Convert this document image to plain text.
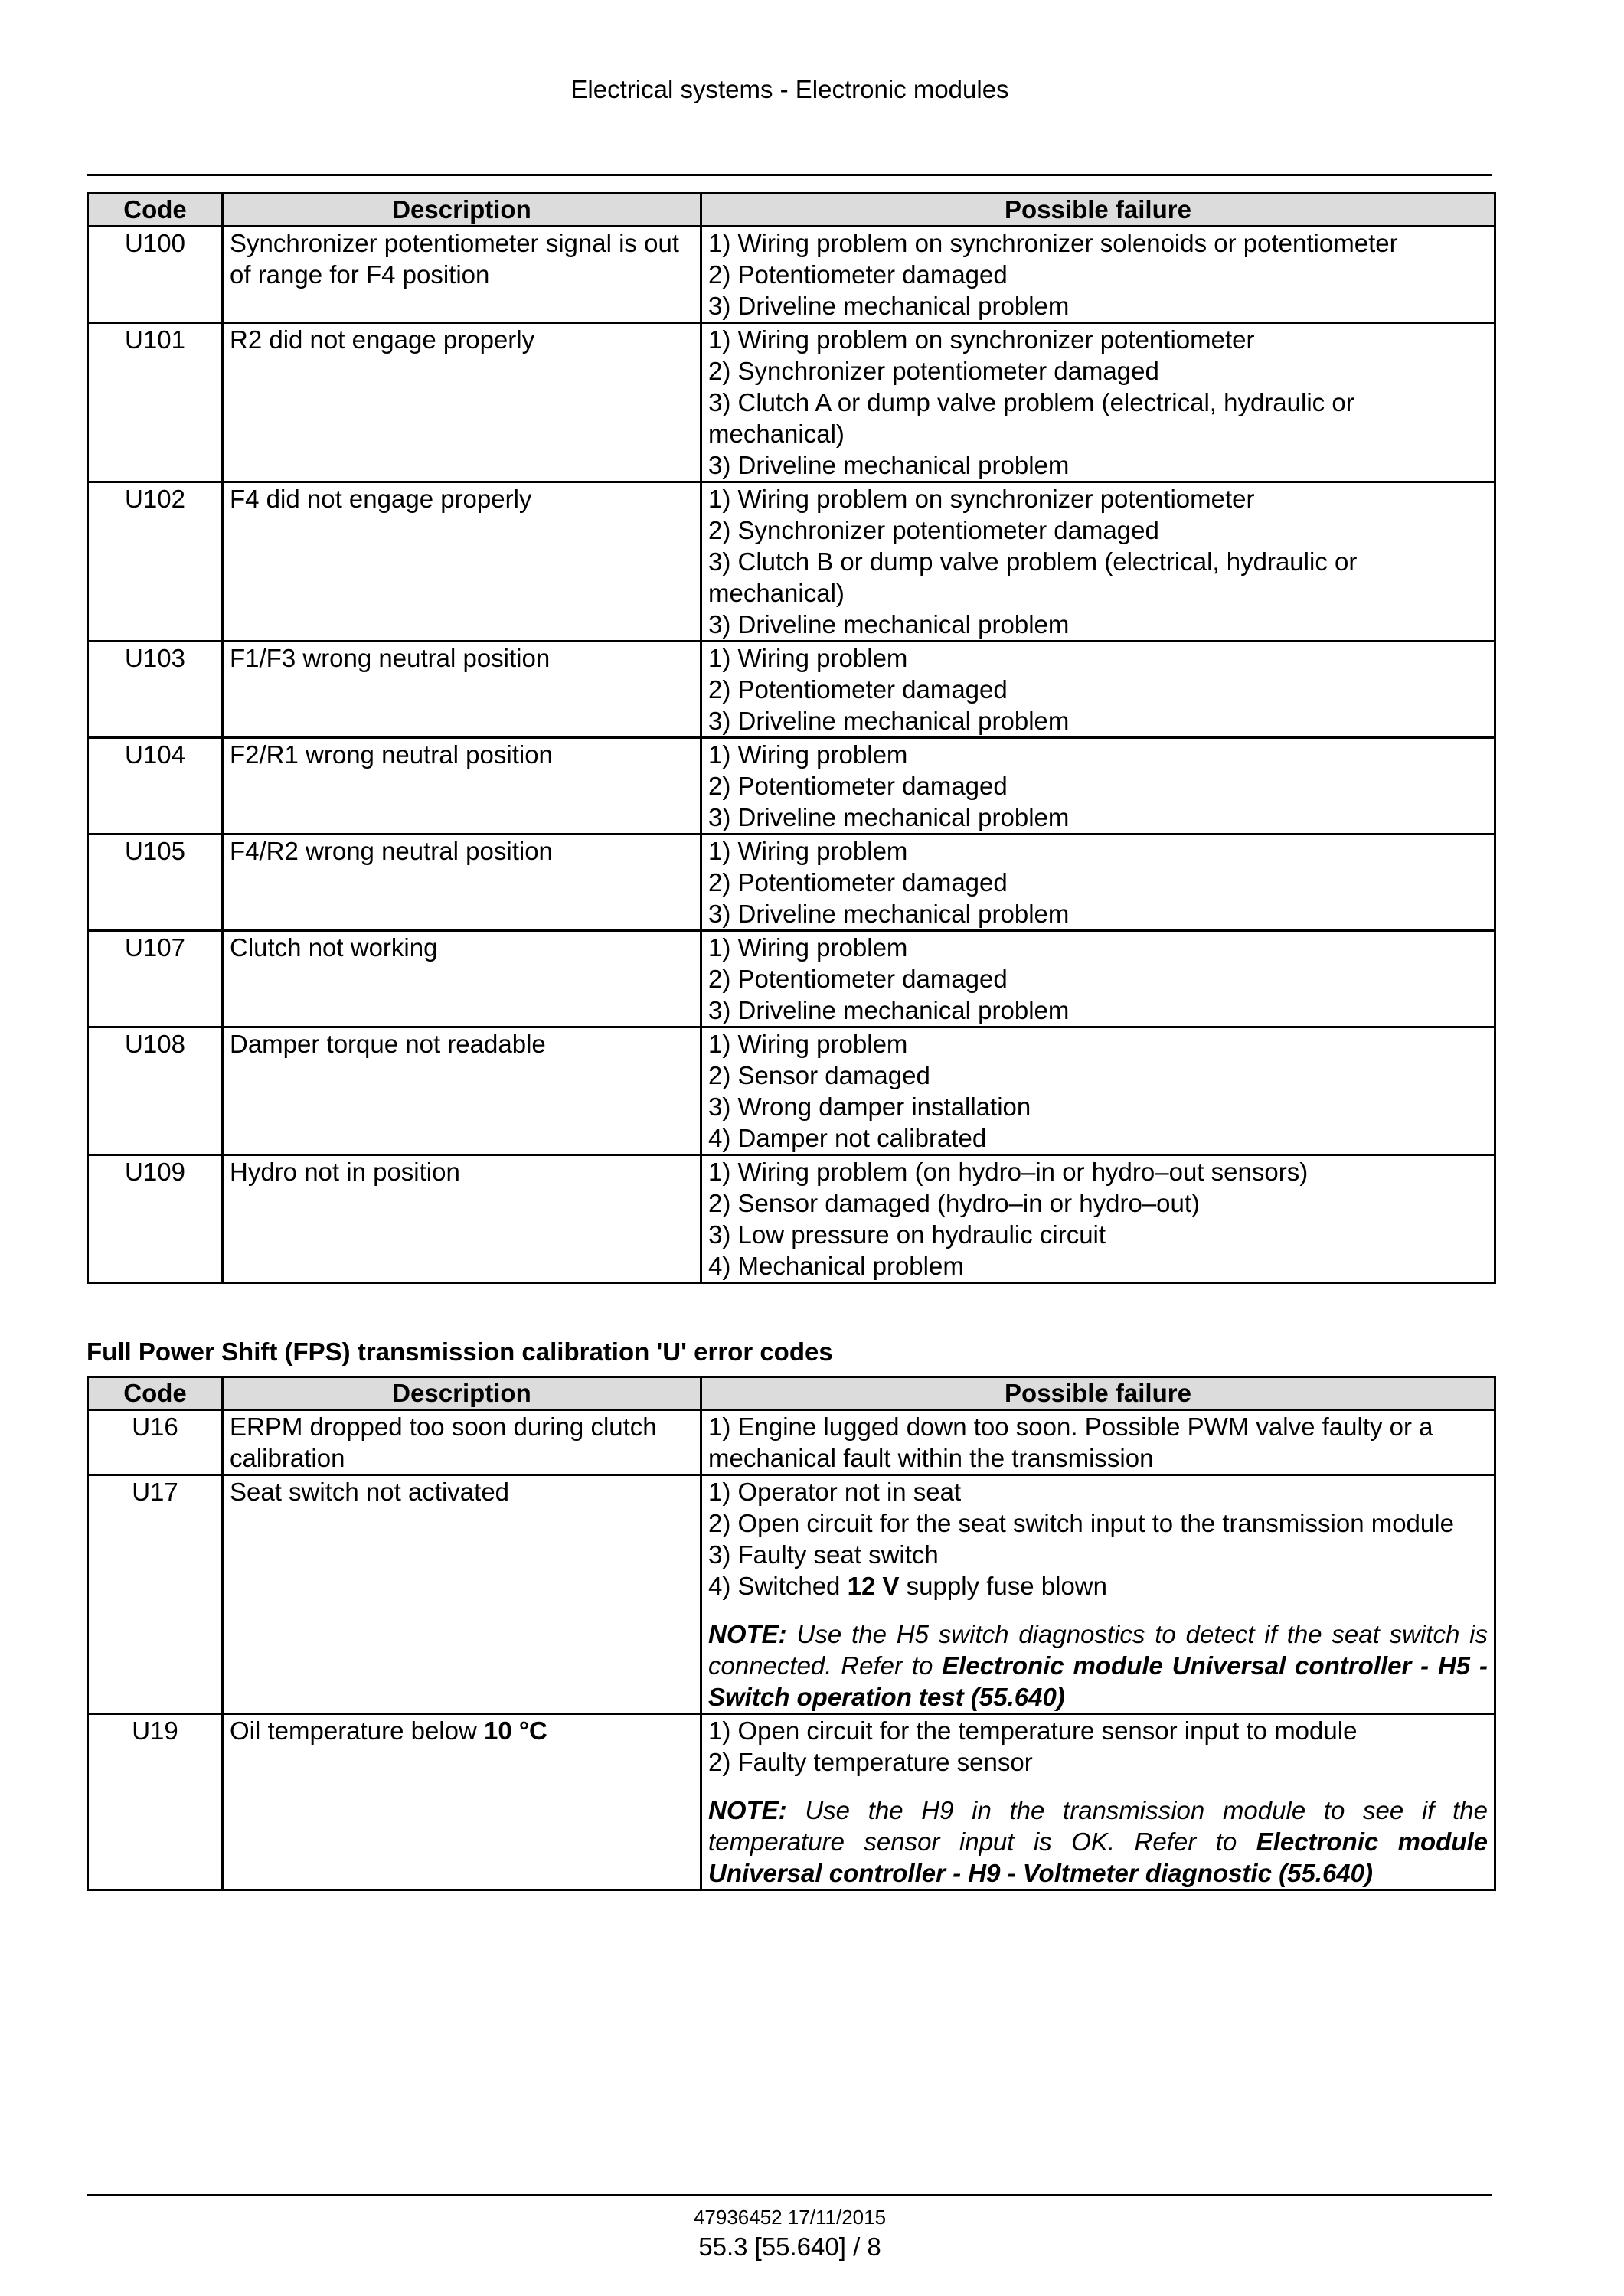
Electrical systems - Electronic modules
Code	Description	Possible failure
U100	Synchronizer potentiometer signal is out of range for F4 position	1) Wiring problem on synchronizer solenoids or potentiometer
2) Potentiometer damaged
3) Driveline mechanical problem

U101	R2 did not engage properly	1) Wiring problem on synchronizer potentiometer
2) Synchronizer potentiometer damaged
3) Clutch A or dump valve problem (electrical, hydraulic or mechanical)
3) Driveline mechanical problem

U102	F4 did not engage properly	1) Wiring problem on synchronizer potentiometer
2) Synchronizer potentiometer damaged
3) Clutch B or dump valve problem (electrical, hydraulic or mechanical)
3) Driveline mechanical problem

U103	F1/F3 wrong neutral position	1) Wiring problem
2) Potentiometer damaged
3) Driveline mechanical problem

U104	F2/R1 wrong neutral position	1) Wiring problem
2) Potentiometer damaged
3) Driveline mechanical problem

U105	F4/R2 wrong neutral position	1) Wiring problem
2) Potentiometer damaged
3) Driveline mechanical problem

U107	Clutch not working	1) Wiring problem
2) Potentiometer damaged
3) Driveline mechanical problem

U108	Damper torque not readable	1) Wiring problem
2) Sensor damaged
3) Wrong damper installation
4) Damper not calibrated

U109	Hydro not in position	1) Wiring problem (on hydro–in or hydro–out sensors)
2) Sensor damaged (hydro–in or hydro–out)
3) Low pressure on hydraulic circuit
4) Mechanical problem
Full Power Shift (FPS) transmission calibration 'U' error codes
Code	Description	Possible failure
U16	ERPM dropped too soon during clutch calibration	1) Engine lugged down too soon. Possible PWM valve faulty or a mechanical fault within the transmission
U17	Seat switch not activated	1) Operator not in seat
2) Open circuit for the seat switch input to the transmission module
3) Faulty seat switch
4) Switched 12 V supply fuse blown
NOTE: Use the H5 switch diagnostics to detect if the seat switch is connected. Refer to Electronic module Universal controller - H5 - Switch operation test (55.640)

U19	Oil temperature below 10 °C	1) Open circuit for the temperature sensor input to module
2) Faulty temperature sensor
NOTE: Use the H9 in the transmission module to see if the temperature sensor input is OK. Refer to Electronic module Universal controller - H9 - Voltmeter diagnostic (55.640)
47936452 17/11/2015
55.3 [55.640] / 8
